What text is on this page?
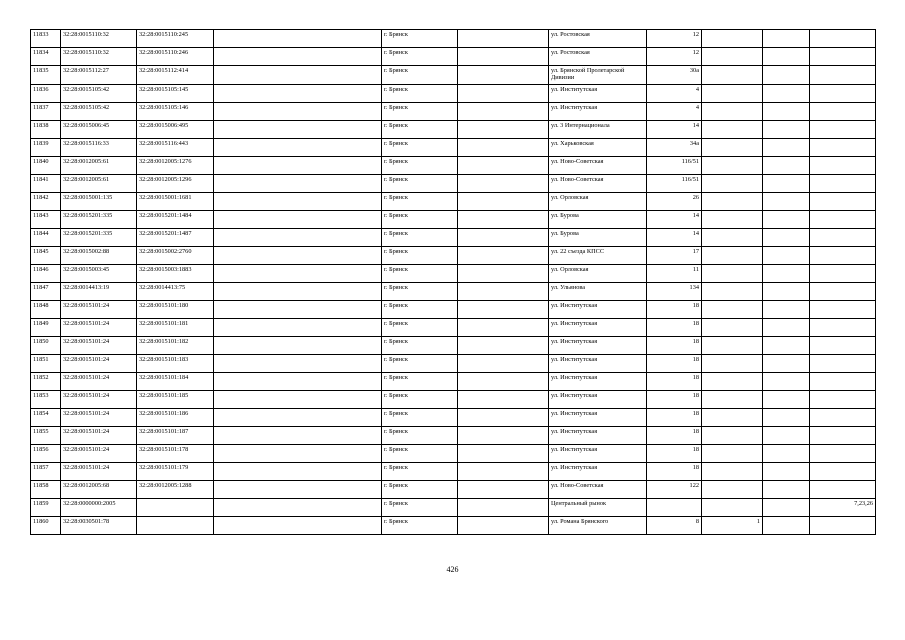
11833	32:28:0015110:32	32:28:0015110:245		г. Брянск		ул. Ростовская	12			
11834	32:28:0015110:32	32:28:0015110:246		г. Брянск		ул. Ростовская	12			
11835	32:28:0015112:27	32:28:0015112:414		г. Брянск		ул. Брянской Пролетарской Дивизии	30а			
11836	32:28:0015105:42	32:28:0015105:145		г. Брянск		ул. Институтская	4			
11837	32:28:0015105:42	32:28:0015105:146		г. Брянск		ул. Институтская	4			
11838	32:28:0015006:45	32:28:0015006:495		г. Брянск		ул. 3 Интернационала	14			
11839	32:28:0015116:33	32:28:0015116:443		г. Брянск		ул. Харьковская	34а			
11840	32:28:0012005:61	32:28:0012005:1276		г. Брянск		ул. Ново-Советская	116/51			
11841	32:28:0012005:61	32:28:0012005:1296		г. Брянск		ул. Ново-Советская	116/51			
11842	32:28:0015001:135	32:28:0015001:1681		г. Брянск		ул. Орловская	26			
11843	32:28:0015201:335	32:28:0015201:1484		г. Брянск		ул. Бурова	14			
11844	32:28:0015201:335	32:28:0015201:1487		г. Брянск		ул. Бурова	14			
11845	32:28:0015002:88	32:28:0015002:2760		г. Брянск		ул. 22 съезда КПСС	17			
11846	32:28:0015003:45	32:28:0015003:1883		г. Брянск		ул. Орловская	11			
11847	32:28:0014413:19	32:28:0014413:75		г. Брянск		ул. Ульянова	134			
11848	32:28:0015101:24	32:28:0015101:180		г. Брянск		ул. Институтская	18			
11849	32:28:0015101:24	32:28:0015101:181		г. Брянск		ул. Институтская	18			
11850	32:28:0015101:24	32:28:0015101:182		г. Брянск		ул. Институтская	18			
11851	32:28:0015101:24	32:28:0015101:183		г. Брянск		ул. Институтская	18			
11852	32:28:0015101:24	32:28:0015101:184		г. Брянск		ул. Институтская	18			
11853	32:28:0015101:24	32:28:0015101:185		г. Брянск		ул. Институтская	18			
11854	32:28:0015101:24	32:28:0015101:186		г. Брянск		ул. Институтская	18			
11855	32:28:0015101:24	32:28:0015101:187		г. Брянск		ул. Институтская	18			
11856	32:28:0015101:24	32:28:0015101:178		г. Брянск		ул. Институтская	18			
11857	32:28:0015101:24	32:28:0015101:179		г. Брянск		ул. Институтская	18			
11858	32:28:0012005:68	32:28:0012005:1288		г. Брянск		ул. Ново-Советская	122			
11859	32:28:0000000:2005			г. Брянск		Центральный рынок				7,23,26
11860	32:28:0030501:78			г. Брянск		ул. Романа Брянского	8	1		
426
